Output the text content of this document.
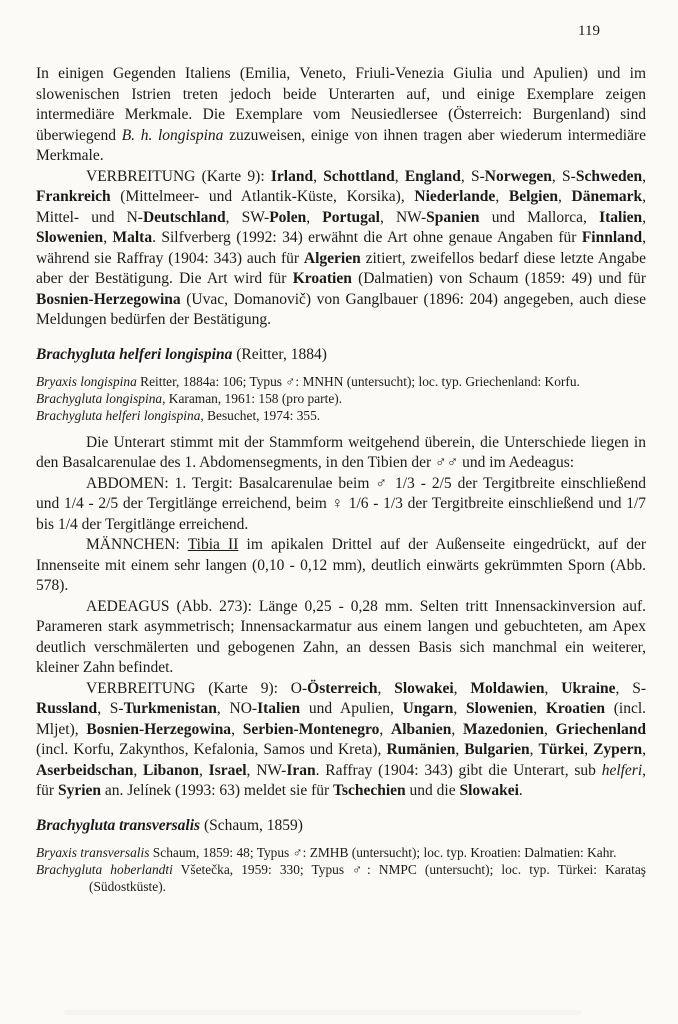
119

In einigen Gegenden Italiens (Emilia, Veneto, Friuli-Venezia Giulia und Apulien) und im slowenischen Istrien treten jedoch beide Unterarten auf, und einige Exemplare zeigen intermediäre Merkmale. Die Exemplare vom Neusiedlersee (Österreich: Burgenland) sind überwiegend B. h. longispina zuzuweisen, einige von ihnen tragen aber wiederum intermediäre Merkmale.

VERBREITUNG (Karte 9): Irland, Schottland, England, S-Norwegen, S-Schweden, Frankreich (Mittelmeer- und Atlantik-Küste, Korsika), Niederlande, Belgien, Dänemark, Mittel- und N-Deutschland, SW-Polen, Portugal, NW-Spanien und Mallorca, Italien, Slowenien, Malta. Silfverberg (1992: 34) erwähnt die Art ohne genaue Angaben für Finnland, während sie Raffray (1904: 343) auch für Algerien zitiert, zweifellos bedarf diese letzte Angabe aber der Bestätigung. Die Art wird für Kroatien (Dalmatien) von Schaum (1859: 49) und für Bosnien-Herzegowina (Uvac, Domanovič) von Ganglbauer (1896: 204) angegeben, auch diese Meldungen bedürfen der Bestätigung.

Brachygluta helferi longispina (Reitter, 1884)

Bryaxis longispina Reitter, 1884a: 106; Typus ♂: MNHN (untersucht); loc. typ. Griechenland: Korfu.

Brachygluta longispina, Karaman, 1961: 158 (pro parte).

Brachygluta helferi longispina, Besuchet, 1974: 355.

Die Unterart stimmt mit der Stammform weitgehend überein, die Unterschiede liegen in den Basalcarenulae des 1. Abdomensegments, in den Tibien der ♂♂ und im Aedeagus:

ABDOMEN: 1. Tergit: Basalcarenulae beim ♂ 1/3 - 2/5 der Tergitbreite einschließend und 1/4 - 2/5 der Tergitlänge erreichend, beim ♀ 1/6 - 1/3 der Tergitbreite einschließend und 1/7 bis 1/4 der Tergitlänge erreichend.

MÄNNCHEN: Tibia II im apikalen Drittel auf der Außenseite eingedrückt, auf der Innenseite mit einem sehr langen (0,10 - 0,12 mm), deutlich einwärts gekrümmten Sporn (Abb. 578).

AEDEAGUS (Abb. 273): Länge 0,25 - 0,28 mm. Selten tritt Innensackinversion auf. Parameren stark asymmetrisch; Innensackarmatur aus einem langen und gebuchteten, am Apex deutlich verschmälerten und gebogenen Zahn, an dessen Basis sich manchmal ein weiterer, kleiner Zahn befindet.

VERBREITUNG (Karte 9): O-Österreich, Slowakei, Moldawien, Ukraine, S-Russland, S-Turkmenistan, NO-Italien und Apulien, Ungarn, Slowenien, Kroatien (incl. Mljet), Bosnien-Herzegowina, Serbien-Montenegro, Albanien, Mazedonien, Griechenland (incl. Korfu, Zakynthos, Kefalonia, Samos und Kreta), Rumänien, Bulgarien, Türkei, Zypern, Aserbeidschan, Libanon, Israel, NW-Iran. Raffray (1904: 343) gibt die Unterart, sub helferi, für Syrien an. Jelínek (1993: 63) meldet sie für Tschechien und die Slowakei.

Brachygluta transversalis (Schaum, 1859)

Bryaxis transversalis Schaum, 1859: 48; Typus ♂: ZMHB (untersucht); loc. typ. Kroatien: Dalmatien: Kahr.

Brachygluta hoberlandti Všetečka, 1959: 330; Typus ♂: NMPC (untersucht); loc. typ. Türkei: Karataş (Südostküste).
